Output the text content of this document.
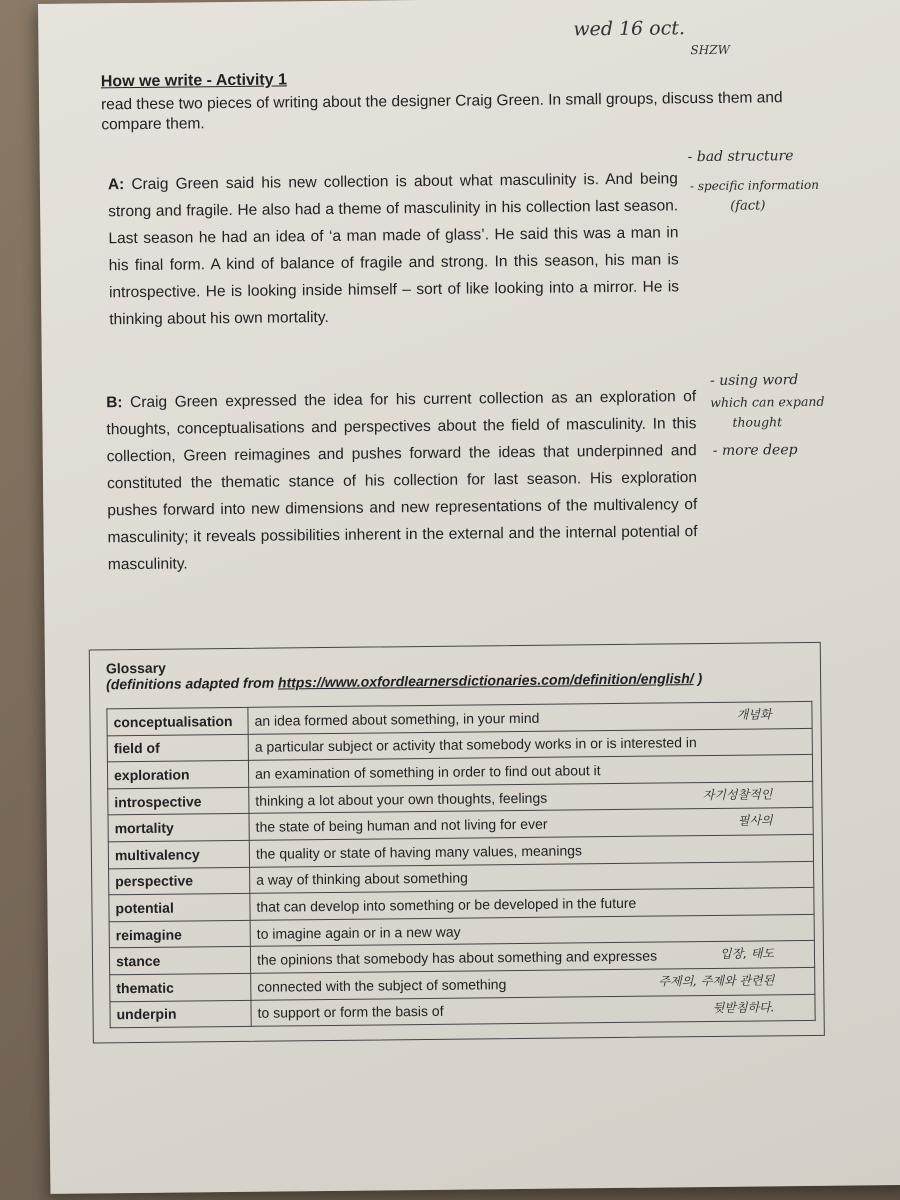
wed 16 oct.
SHZW
How we write - Activity 1
read these two pieces of writing about the designer Craig Green. In small groups, discuss them and compare them.
A: Craig Green said his new collection is about what masculinity is. And being strong and fragile. He also had a theme of masculinity in his collection last season. Last season he had an idea of ‘a man made of glass’. He said this was a man in his final form. A kind of balance of fragile and strong. In this season, his man is introspective. He is looking inside himself – sort of like looking into a mirror. He is thinking about his own mortality.
- bad structure
- specific information
(fact)
B: Craig Green expressed the idea for his current collection as an exploration of thoughts, conceptualisations and perspectives about the field of masculinity. In this collection, Green reimagines and pushes forward the ideas that underpinned and constituted the thematic stance of his collection for last season. His exploration pushes forward into new dimensions and new representations of the multivalency of masculinity; it reveals possibilities inherent in the external and the internal potential of masculinity.
- using word
which can expand
thought
- more deep
Glossary
(definitions adapted from https://www.oxfordlearnersdictionaries.com/definition/english/ )
conceptualisation	an idea formed about something, in your mind 개념화

field of	a particular subject or activity that somebody works in or is interested in
exploration	an examination of something in order to find out about it
introspective	thinking a lot about your own thoughts, feelings 자기성찰적인

mortality	the state of being human and not living for ever 필사의

multivalency	the quality or state of having many values, meanings
perspective	a way of thinking about something
potential	that can develop into something or be developed in the future
reimagine	to imagine again or in a new way
stance	the opinions that somebody has about something and expresses 입장, 태도

thematic	connected with the subject of something 주제의, 주제와 관련된

underpin	to support or form the basis of 뒷받침하다.
